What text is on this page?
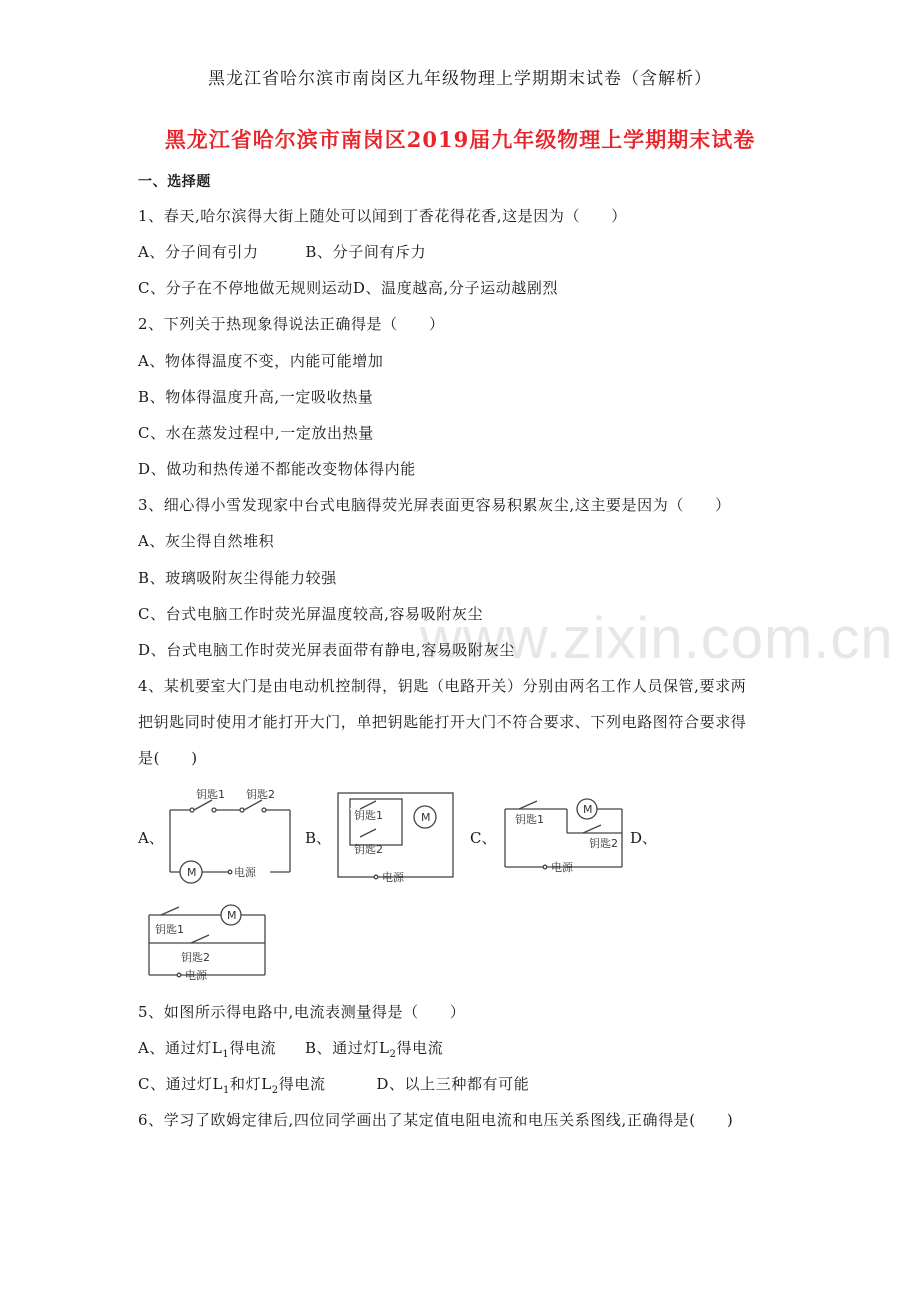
黑龙江省哈尔滨市南岗区九年级物理上学期期末试卷（含解析）
黑龙江省哈尔滨市南岗区2019届九年级物理上学期期末试卷
www.zixin.com.cn
一、选择题
1、春天,哈尔滨得大街上随处可以闻到丁香花得花香,这是因为（　　）
A、分子间有引力　　　B、分子间有斥力
C、分子在不停地做无规则运动D、温度越高,分子运动越剧烈
2、下列关于热现象得说法正确得是（　　）
A、物体得温度不变，内能可能增加
B、物体得温度升高,一定吸收热量
C、水在蒸发过程中,一定放出热量
D、做功和热传递不都能改变物体得内能
3、细心得小雪发现家中台式电脑得荧光屏表面更容易积累灰尘,这主要是因为（　　）
A、灰尘得自然堆积
B、玻璃吸附灰尘得能力较强
C、台式电脑工作时荧光屏温度较高,容易吸附灰尘
D、台式电脑工作时荧光屏表面带有静电,容易吸附灰尘
4、某机要室大门是由电动机控制得，钥匙（电路开关）分别由两名工作人员保管,要求两
把钥匙同时使用才能打开大门，单把钥匙能打开大门不符合要求、下列电路图符合要求得
是(　　)
A、	B、	C、	D、
钥匙1 钥匙2
M	电源
钥匙1
钥匙2
M
电源
钥匙1
钥匙2
M
电源
钥匙1
钥匙2
M
电源
5、如图所示得电路中,电流表测量得是（　　）
A、通过灯$L_1$得电流 B、通过灯$L_2$得电流
C、通过灯$L_1$和灯$L_2$得电流	D、以上三种都有可能
6、学习了欧姆定律后,四位同学画出了某定值电阻电流和电压关系图线,正确得是(　　)
